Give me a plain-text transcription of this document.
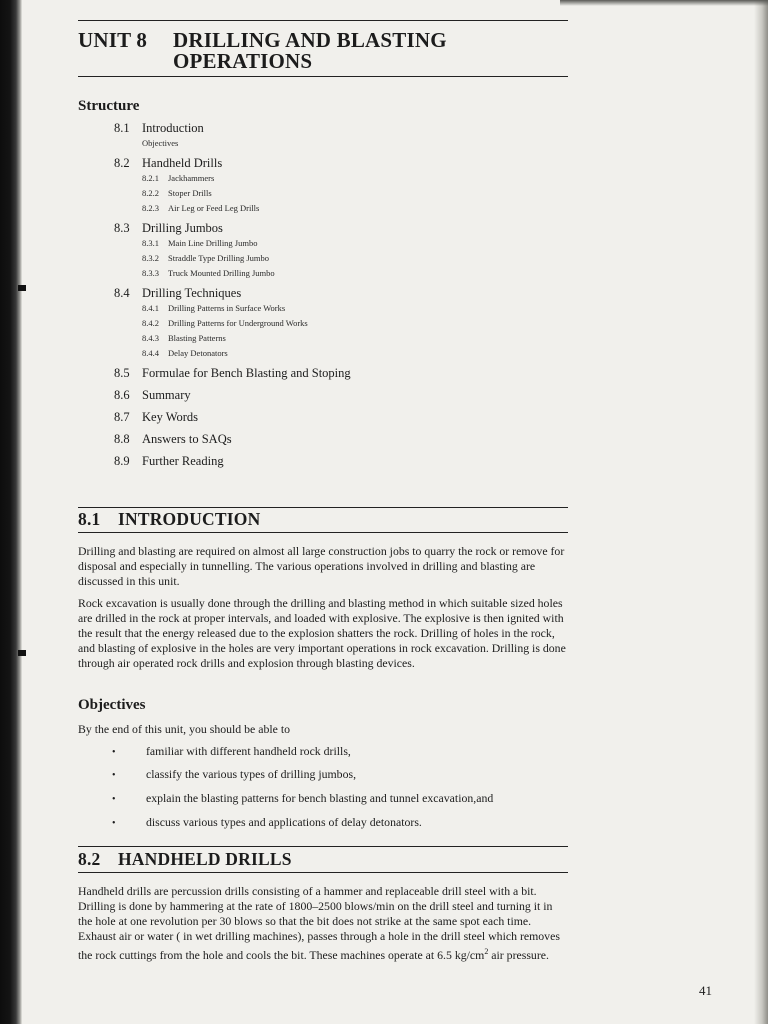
UNIT 8 DRILLING AND BLASTING
OPERATIONS
Structure
8.1 Introduction
Objectives
8.2 Handheld Drills
8.2.1 Jackhammers
8.2.2 Stoper Drills
8.2.3 Air Leg or Feed Leg Drills
8.3 Drilling Jumbos
8.3.1 Main Line Drilling Jumbo
8.3.2 Straddle Type Drilling Jumbo
8.3.3 Truck Mounted Drilling Jumbo
8.4 Drilling Techniques
8.4.1 Drilling Patterns in Surface Works
8.4.2 Drilling Patterns for Underground Works
8.4.3 Blasting Patterns
8.4.4 Delay Detonators
8.5 Formulae for Bench Blasting and Stoping
8.6 Summary
8.7 Key Words
8.8 Answers to SAQs
8.9 Further Reading
8.1 INTRODUCTION

Drilling and blasting are required on almost all large construction jobs to quarry the rock or remove for disposal and especially in tunnelling. The various operations involved in drilling and blasting are discussed in this unit.

Rock excavation is usually done through the drilling and blasting method in which suitable sized holes are drilled in the rock at proper intervals, and loaded with explosive. The explosive is then ignited with the result that the energy released due to the explosion shatters the rock. Drilling of holes in the rock, and blasting of explosive in the holes are very important operations in rock excavation. Drilling is done through air operated rock drills and explosion through blasting devices.

Objectives

By the end of this unit, you should be able to

•	familiar with different handheld rock drills,
•	classify the various types of drilling jumbos,
•	explain the blasting patterns for bench blasting and tunnel excavation,and
•	discuss various types and applications of delay detonators.
8.2 HANDHELD DRILLS

Handheld drills are percussion drills consisting of a hammer and replaceable drill steel with a bit. Drilling is done by hammering at the rate of 1800–2500 blows/min on the drill steel and turning it in the hole at one revolution per 30 blows so that the bit does not strike at the same spot each time. Exhaust air or water ( in wet drilling machines), passes through a hole in the drill steel which removes the rock cuttings from the hole and cools the bit. These machines operate at 6.5 $kg/cm^2$ air pressure.

41
